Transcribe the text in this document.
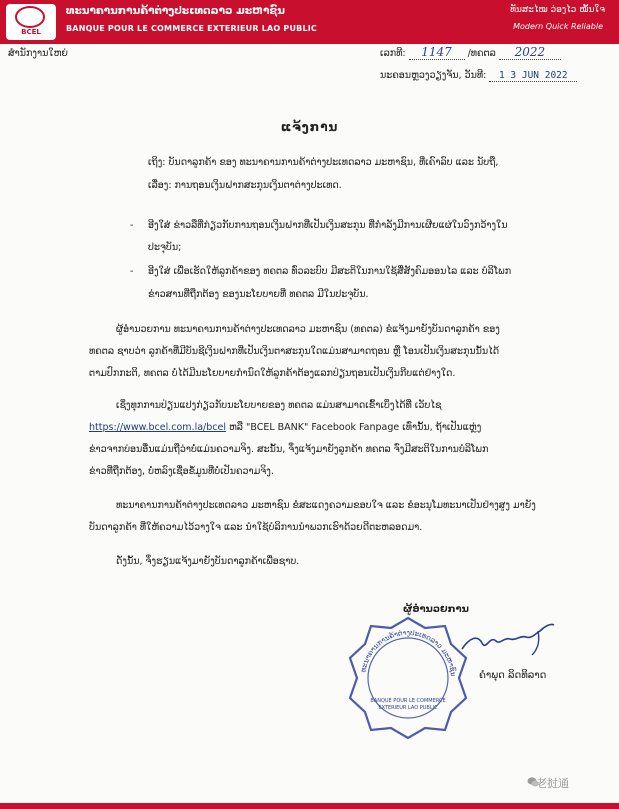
BCEL
ທະນາຄານການຄ້າຕ່າງປະເທດລາວ ມະຫາຊົນ
BANQUE POUR LE COMMERCE EXTERIEUR LAO PUBLIC
ທັນສະໄໝ ວ່ອງໄວ ໝັ້ນໃຈ
Modern Quick Reliable
ສໍານັກງານໃຫຍ່	ເລກທີ: 1147 /ທຄຕລ 2022
ນະຄອນຫຼວງວຽງຈັນ, ວັນທີ: 1 3 JUN 2022
ແຈ້ງການ
ເຖິງ: ບັນດາລູກຄ້າ ຂອງ ທະນາຄານການຄ້າຕ່າງປະເທດລາວ ມະຫາຊົນ, ທີ່ເຄົາລົບ ແລະ ນັບຖື,
ເລື່ອງ: ການຖອນເງິນຝາກສະກຸນເງິນຕາຕ່າງປະເທດ.
- ອີງໃສ່ ຂ່າວລືທີ່ກ່ຽວກັບການຖອນເງິນຝາກທີ່ເປັນເງິນສະກຸນ ທີ່ກໍາລັງມີການເຜີຍແຜ່ໃນວົງກວ້າງໃນ
ປະຈຸບັນ;
- ອີງໃສ່ ເພື່ອເຮັດໃຫ້ລູກຄ້າຂອງ ທຄຕລ ທົ່ວລະບົບ ມີສະຕິໃນການໃຊ້ສື່ສັງຄົມອອນໄລ ແລະ ບໍລິໂພກ
ຂ່າວສານທີ່ຖືກຕ້ອງ ຂອງນະໂຍບາຍທີ່ ທຄຕລ ມີໃນປະຈຸບັນ.
ຜູ້ອໍານວຍການ ທະນາຄານການຄ້າຕ່າງປະເທດລາວ ມະຫາຊົນ (ທຄຕລ) ຂໍແຈ້ງມາຍັງບັນດາລູກຄ້າ ຂອງ
ທຄຕລ ຊາບວ່າ ລູກຄ້າທີ່ມີບັນຊີເງິນຝາກທີ່ເປັນເງິນຕາສະກຸນໃດແມ່ນສາມາດຖອນ ຫຼື ໂອນເປັນເງິນສະກຸນນັ້ນໄດ້
ຕາມປົກກະຕິ, ທຄຕລ ບໍ່ໄດ້ມີນະໂຍບາຍກໍານົດໃຫ້ລູກຄ້າຕ້ອງແລກປ່ຽນຖອນເປັນເງິນກີບແຕ່ຢ່າງໃດ.
ເຊິ່ງທຸກການປ່ຽນແປງກ່ຽວກັບນະໂຍບາຍຂອງ ທຄຕລ ແມ່ນສາມາດເຂົ້າເບິ່ງໄດ້ທີ່ ເວັບໄຊ
https://www.bcel.com.la/bcel ຫລື "BCEL BANK" Facebook Fanpage ເທົ່ານັ້ນ, ຖ້າເປັນແຫຼ່ງ
ຂ່າວຈາກບ່ອນອື່ນແມ່ນຖືວ່າບໍ່ແມ່ນຄວາມຈິງ. ສະນັ້ນ, ຈຶ່ງແຈ້ງມາຍັງລູກຄ້າ ທຄຕລ ຈົ່ງມີສະຕິໃນການບໍລິໂພກ
ຂ່າວທີ່ຖືກຕ້ອງ, ບໍ່ຫລົງເຊື່ອຂໍ້ມູນທີ່ບໍ່ເປັນຄວາມຈິງ.
ທະນາຄານການຄ້າຕ່າງປະເທດລາວ ມະຫາຊົນ ຂໍສະແດງຄວາມຂອບໃຈ ແລະ ຂໍອະນຸໂມທະນາເປັນຢ່າງສູງ ມາຍັງ
ບັນດາລູກຄ້າ ທີ່ໃຫ້ຄວາມໄວ້ວາງໃຈ ແລະ ນໍາໃຊ້ບໍລິການນໍາພວກເຮົາດ້ວຍດີຕະຫລອດມາ.
ດັ່ງນັ້ນ, ຈຶ່ງຮຽນແຈ້ງມາຍັງບັນດາລູກຄ້າເພື່ອຊາບ.
ທະນາຄານການຄ້າຕ່າງປະເທດລາວ ມະຫາຊົນ
BANQUE POUR LE COMMERCE
EXTERIEUR LAO PUBLIC
ຜູ້ອໍານວຍການ
ຄໍາພຸດ ລິດທິລາດ
老挝通
